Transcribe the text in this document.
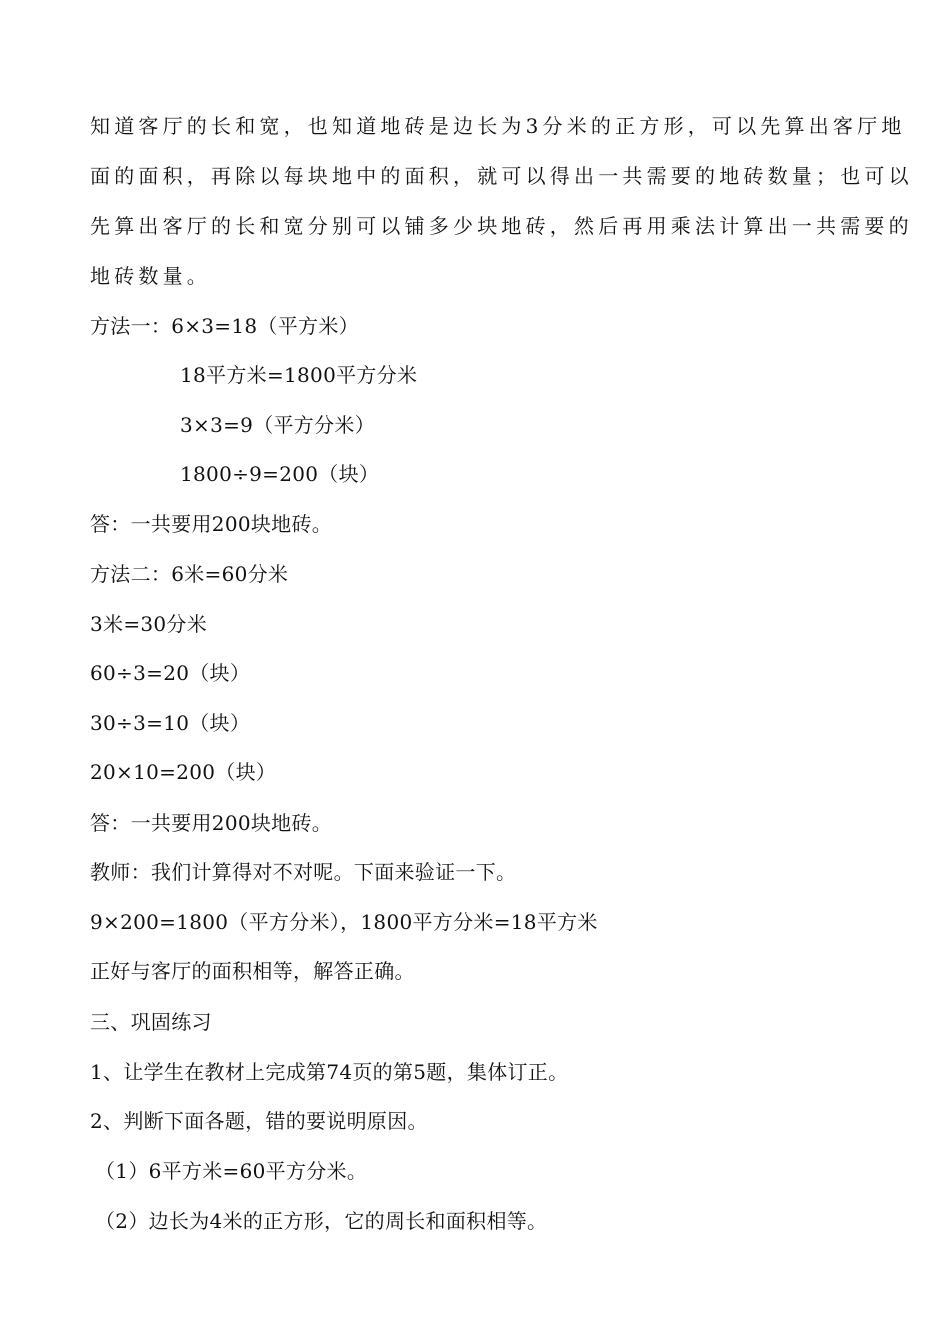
知道客厅的长和宽，也知道地砖是边长为3分米的正方形，可以先算出客厅地
面的面积，再除以每块地中的面积，就可以得出一共需要的地砖数量；也可以
先算出客厅的长和宽分别可以铺多少块地砖，然后再用乘法计算出一共需要的
地砖数量。
方法一：6×3=18（平方米）
18平方米=1800平方分米
3×3=9（平方分米）
1800÷9=200（块）
答：一共要用200块地砖。
方法二：6米=60分米
3米=30分米
60÷3=20（块）
30÷3=10（块）
20×10=200（块）
答：一共要用200块地砖。
教师：我们计算得对不对呢。下面来验证一下。
9×200=1800（平方分米），1800平方分米=18平方米
正好与客厅的面积相等，解答正确。
三、巩固练习
1、让学生在教材上完成第74页的第5题，集体订正。
2、判断下面各题，错的要说明原因。
（1）6平方米=60平方分米。
（2）边长为4米的正方形，它的周长和面积相等。
